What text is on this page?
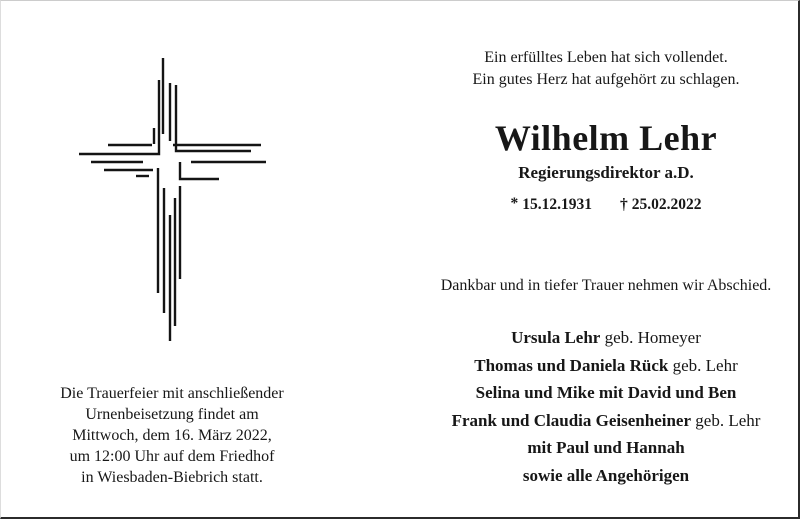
Ein erfülltes Leben hat sich vollendet.
Ein gutes Herz hat aufgehört zu schlagen.
Wilhelm Lehr
Regierungsdirektor a.D.
* 15.12.1931 † 25.02.2022
Dankbar und in tiefer Trauer nehmen wir Abschied.
Ursula Lehr geb. Homeyer
Thomas und Daniela Rück geb. Lehr
Selina und Mike mit David und Ben
Frank und Claudia Geisenheiner geb. Lehr
mit Paul und Hannah
sowie alle Angehörigen
Die Trauerfeier mit anschließender
Urnenbeisetzung findet am
Mittwoch, dem 16. März 2022,
um 12:00 Uhr auf dem Friedhof
in Wiesbaden-Biebrich statt.
